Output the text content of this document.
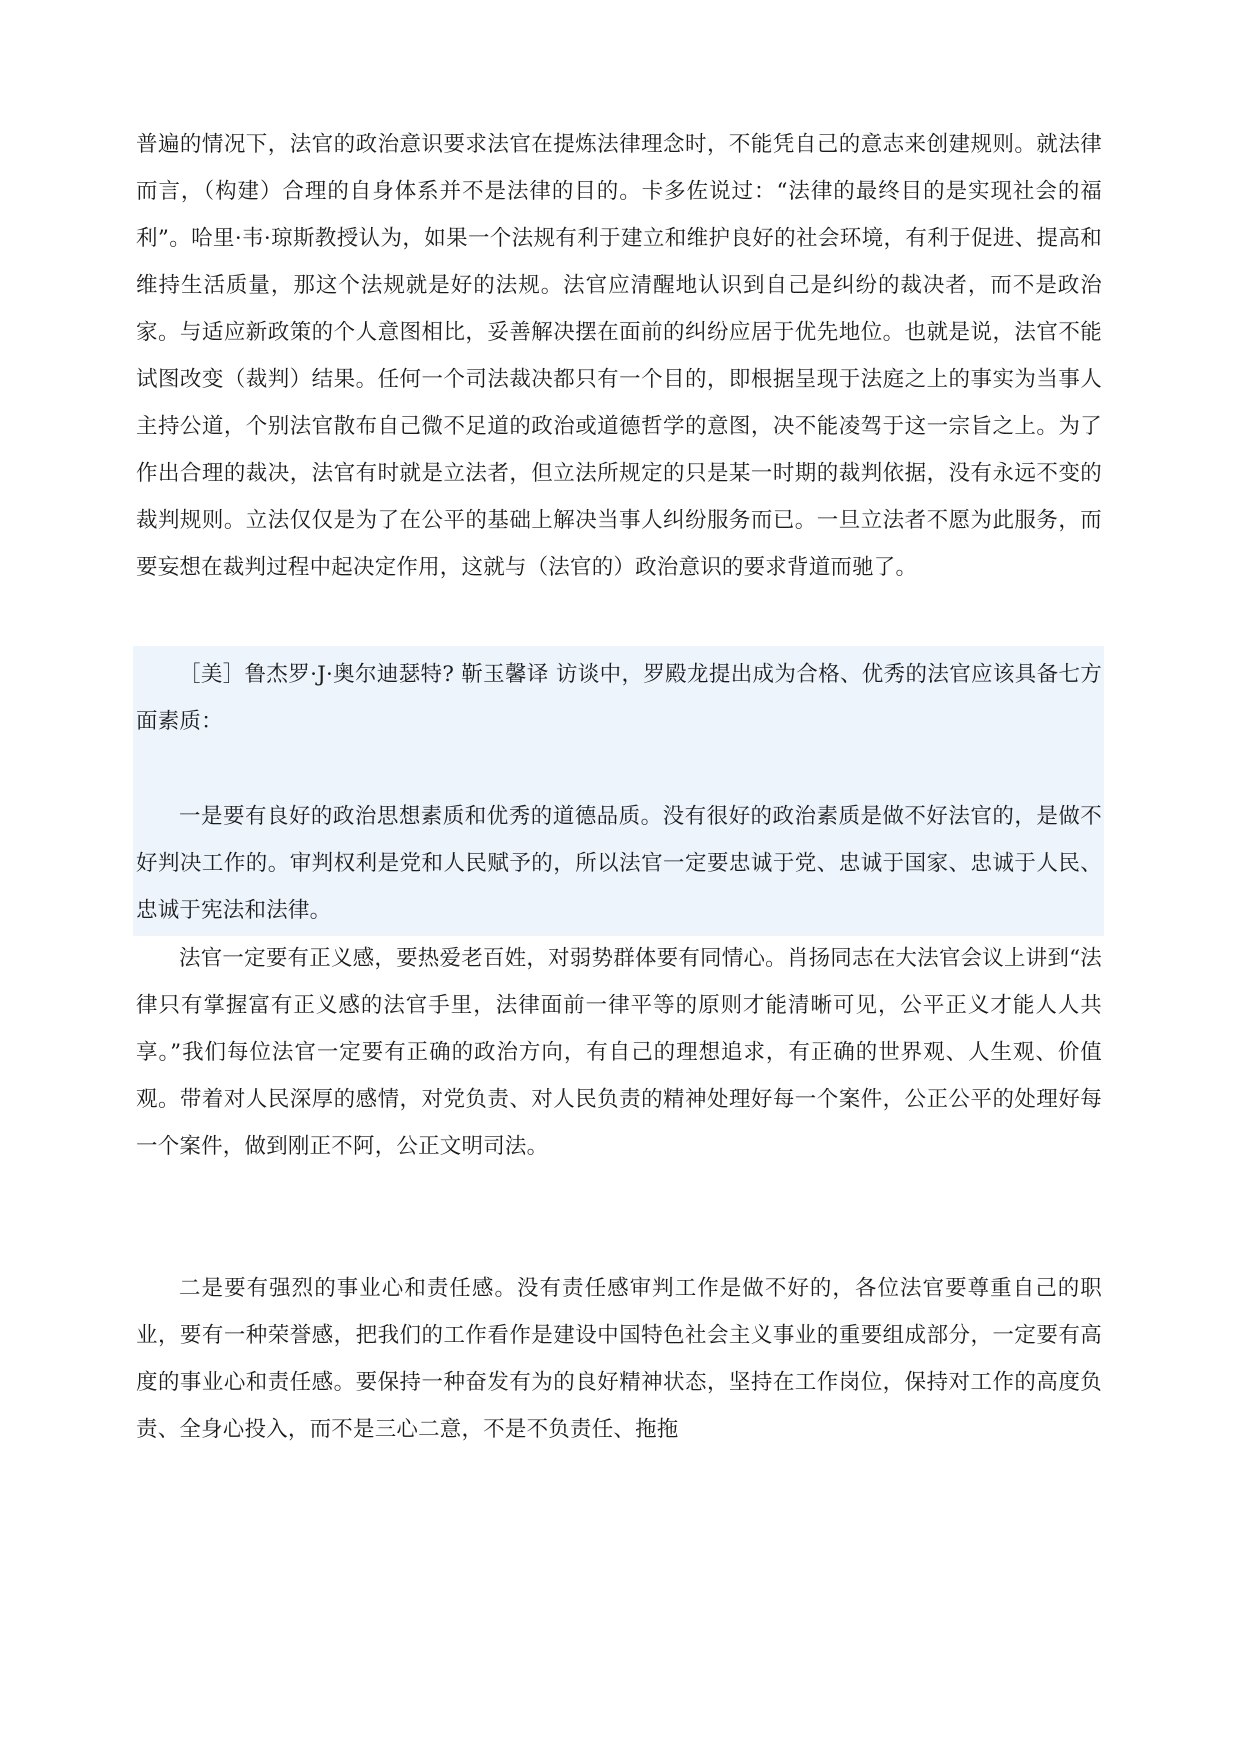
普遍的情况下，法官的政治意识要求法官在提炼法律理念时，不能凭自己的意志来创建规则。就法律而言，（构建）合理的自身体系并不是法律的目的。卡多佐说过：“法律的最终目的是实现社会的福利”。哈里·韦·琼斯教授认为，如果一个法规有利于建立和维护良好的社会环境，有利于促进、提高和维持生活质量，那这个法规就是好的法规。法官应清醒地认识到自己是纠纷的裁决者，而不是政治家。与适应新政策的个人意图相比，妥善解决摆在面前的纠纷应居于优先地位。也就是说，法官不能试图改变（裁判）结果。任何一个司法裁决都只有一个目的，即根据呈现于法庭之上的事实为当事人主持公道，个别法官散布自己微不足道的政治或道德哲学的意图，决不能凌驾于这一宗旨之上。为了作出合理的裁决，法官有时就是立法者，但立法所规定的只是某一时期的裁判依据，没有永远不变的裁判规则。立法仅仅是为了在公平的基础上解决当事人纠纷服务而已。一旦立法者不愿为此服务，而要妄想在裁判过程中起决定作用，这就与（法官的）政治意识的要求背道而驰了。

［美］鲁杰罗·J·奥尔迪瑟特? 靳玉馨译 访谈中，罗殿龙提出成为合格、优秀的法官应该具备七方面素质：

一是要有良好的政治思想素质和优秀的道德品质。没有很好的政治素质是做不好法官的，是做不好判决工作的。审判权利是党和人民赋予的，所以法官一定要忠诚于党、忠诚于国家、忠诚于人民、忠诚于宪法和法律。

法官一定要有正义感，要热爱老百姓，对弱势群体要有同情心。肖扬同志在大法官会议上讲到“法律只有掌握富有正义感的法官手里，法律面前一律平等的原则才能清晰可见，公平正义才能人人共享。”我们每位法官一定要有正确的政治方向，有自己的理想追求，有正确的世界观、人生观、价值观。带着对人民深厚的感情，对党负责、对人民负责的精神处理好每一个案件，公正公平的处理好每一个案件，做到刚正不阿，公正文明司法。

二是要有强烈的事业心和责任感。没有责任感审判工作是做不好的，各位法官要尊重自己的职业，要有一种荣誉感，把我们的工作看作是建设中国特色社会主义事业的重要组成部分，一定要有高度的事业心和责任感。要保持一种奋发有为的良好精神状态，坚持在工作岗位，保持对工作的高度负责、全身心投入，而不是三心二意，不是不负责任、拖拖
